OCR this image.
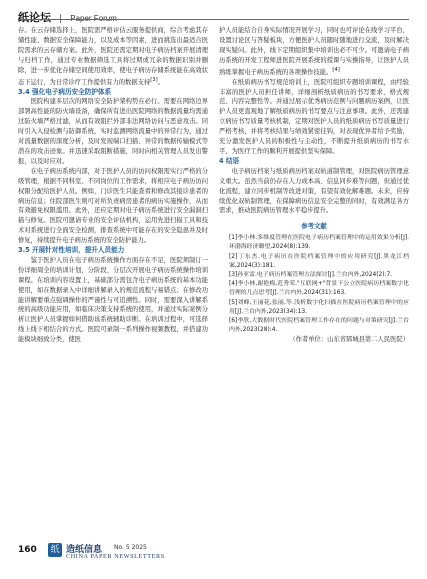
纸论坛 | Paper Forum

存。在云存储选择上，医院需严格评估云服务提供商，综合考虑其存储性能、数据安全保障能力，以及成本等因素，进而挑选出最适合医院需求的云存储方案。此外，医院还需定期对电子病历档案开展清理与归档工作，通过专业数据筛选工具将过期或冗余的数据识别并删除，进一步优化存储空间使用效率，使电子病历存储系统能在高效状态下运行，为日常诊疗工作提供有力的数据支持[3]。

3.4 强化电子病历安全防护体系

医院构建多层次的网络安全防护架构势在必行。需要在网络边界部署高性能的防火墙设备，确保所有进出医院网络的数据流量均需通过防火墙严格过滤，从而有效阻拦外部非法网络访问与恶意攻击。同时引入入侵检测与防御系统，实时监测网络流量中的异常行为，通过对流量数据的深度分析，及时发现端口扫描、异常的数据传输模式等潜在的攻击迹象。并迅速采取阻断措施，同时向相关管理人员发出警报，以及时应对。

在电子病历系统内部，对于医护人员的访问权限需实行严格的分级管理，根据不同科室、不同岗位的工作需求，将相应电子病历访问权限分配给医护人员。例如，门诊医生只能查看和修改其接诊患者的病历信息；住院部医生则可对所负责病房患者的病历实施操作，从而有效避免权限滥用。此外，还应定期对电子病历系统进行安全漏洞扫描与修复。医院可邀请专业的安全评估机构，运用先进扫描工具和技术对系统进行全面安全检测，排查系统中可能存在的安全隐患并及时修复，持续提升电子病历系统的安全防护能力。

3.5 开展针对性培训，提升人员能力

鉴于医护人员在电子病历系统操作方面存在不足，医院须制订一份详细周全的培训计划，分阶段、分层次开展电子病历系统操作培训课程。在培训内容设置上，基础部分需包含电子病历系统的基本功能使用，如在数据录入中详细讲解录入的规范流程与易错点；在修改功能讲解要重点强调操作的严谨性与可追溯性。同时，需要深入讲解系统的高级功能应用，如临床决策支持系统的使用，并通过实际案例分析让医护人员掌握如何借助该系统辅助诊断。在培训过程中，可选择线上线下相结合的方式。医院可录制一系列操作视频教程，并搭建功能模块细致分类，使医

护人员能结合自身实际情况开展学习，同时也可评论在线学习平台，设置讨论区与答疑板块，方便医护人员随时随地进行交流，及时解决现实疑问。此外，线下定期组织集中培训也必不可少。可邀请电子病历系统的开发工程师进医院开展系统的授课与实操指导，让医护人员熟练掌握电子病历系统的各项操作技能。[4]

在纸质病历书写规范培训上，医院可组织专题培训课程，由经验丰富的医护人员担任讲师，详细剖析纸质病历的书写要求、格式规范、内容完整性等。并通过展示优秀病历范例与问题病历案例，让医护人员更直观地了解纸质病历的书写要点与注意事项。此外，还需建立病历书写质量考核机制，定期对医护人员的纸质病历书写质量进行严格考核，并将考核结果与绩效紧密挂钩，对表现优异者给予奖励，充分激发医护人员的积极性与主动性，不断提升纸质病历的书写水平，为医疗工作的顺利开展提供坚实保障。

4 结语

电子病历档案与纸质病历档案双轨道制管理，对医院病历管理意义重大。虽然当前仍存在人力成本高、信息同步难等问题，但通过优化流程、建立同步机制等改进对策，有望有效化解难题。未来，应持续优化双轨制管理，在保障病历信息安全完整的同时，有效满足各方需求，推动医院病历管理水平稳步提升。

参考文献
[1]李小林.多维度管理在医院电子病历档案管理中的运用效果分析[J].环渤海经济瞭望,2024(8):139.
[2]丁东杰.电子病历在医院档案管理中的应用研究[J].黑龙江档案,2024(3):181.
[3]孙亚雷.电子病历档案管理方法探讨[J].兰台内外,2024(2):7.
[4]李小林,谢艳梅,范秀荣."互联网+"背景下公立医院病历档案数字化管理的几点思考[J].兰台内外,2024(31):163.
[5]刘峰,王丽花,张丽,等.浅析数字化扫描在医院病历档案管理中的应用[J].兰台内外,2023(34):13.
[6]李欣.大数据时代医院档案管理工作存在的问题与对策研究[J].兰台内外,2023(28):4.

（作者单位：山东省郓城县第二人民医院）

160 纸 造纸信息 No. 5 2025
CHINA PAPER NEWSLETTERS
